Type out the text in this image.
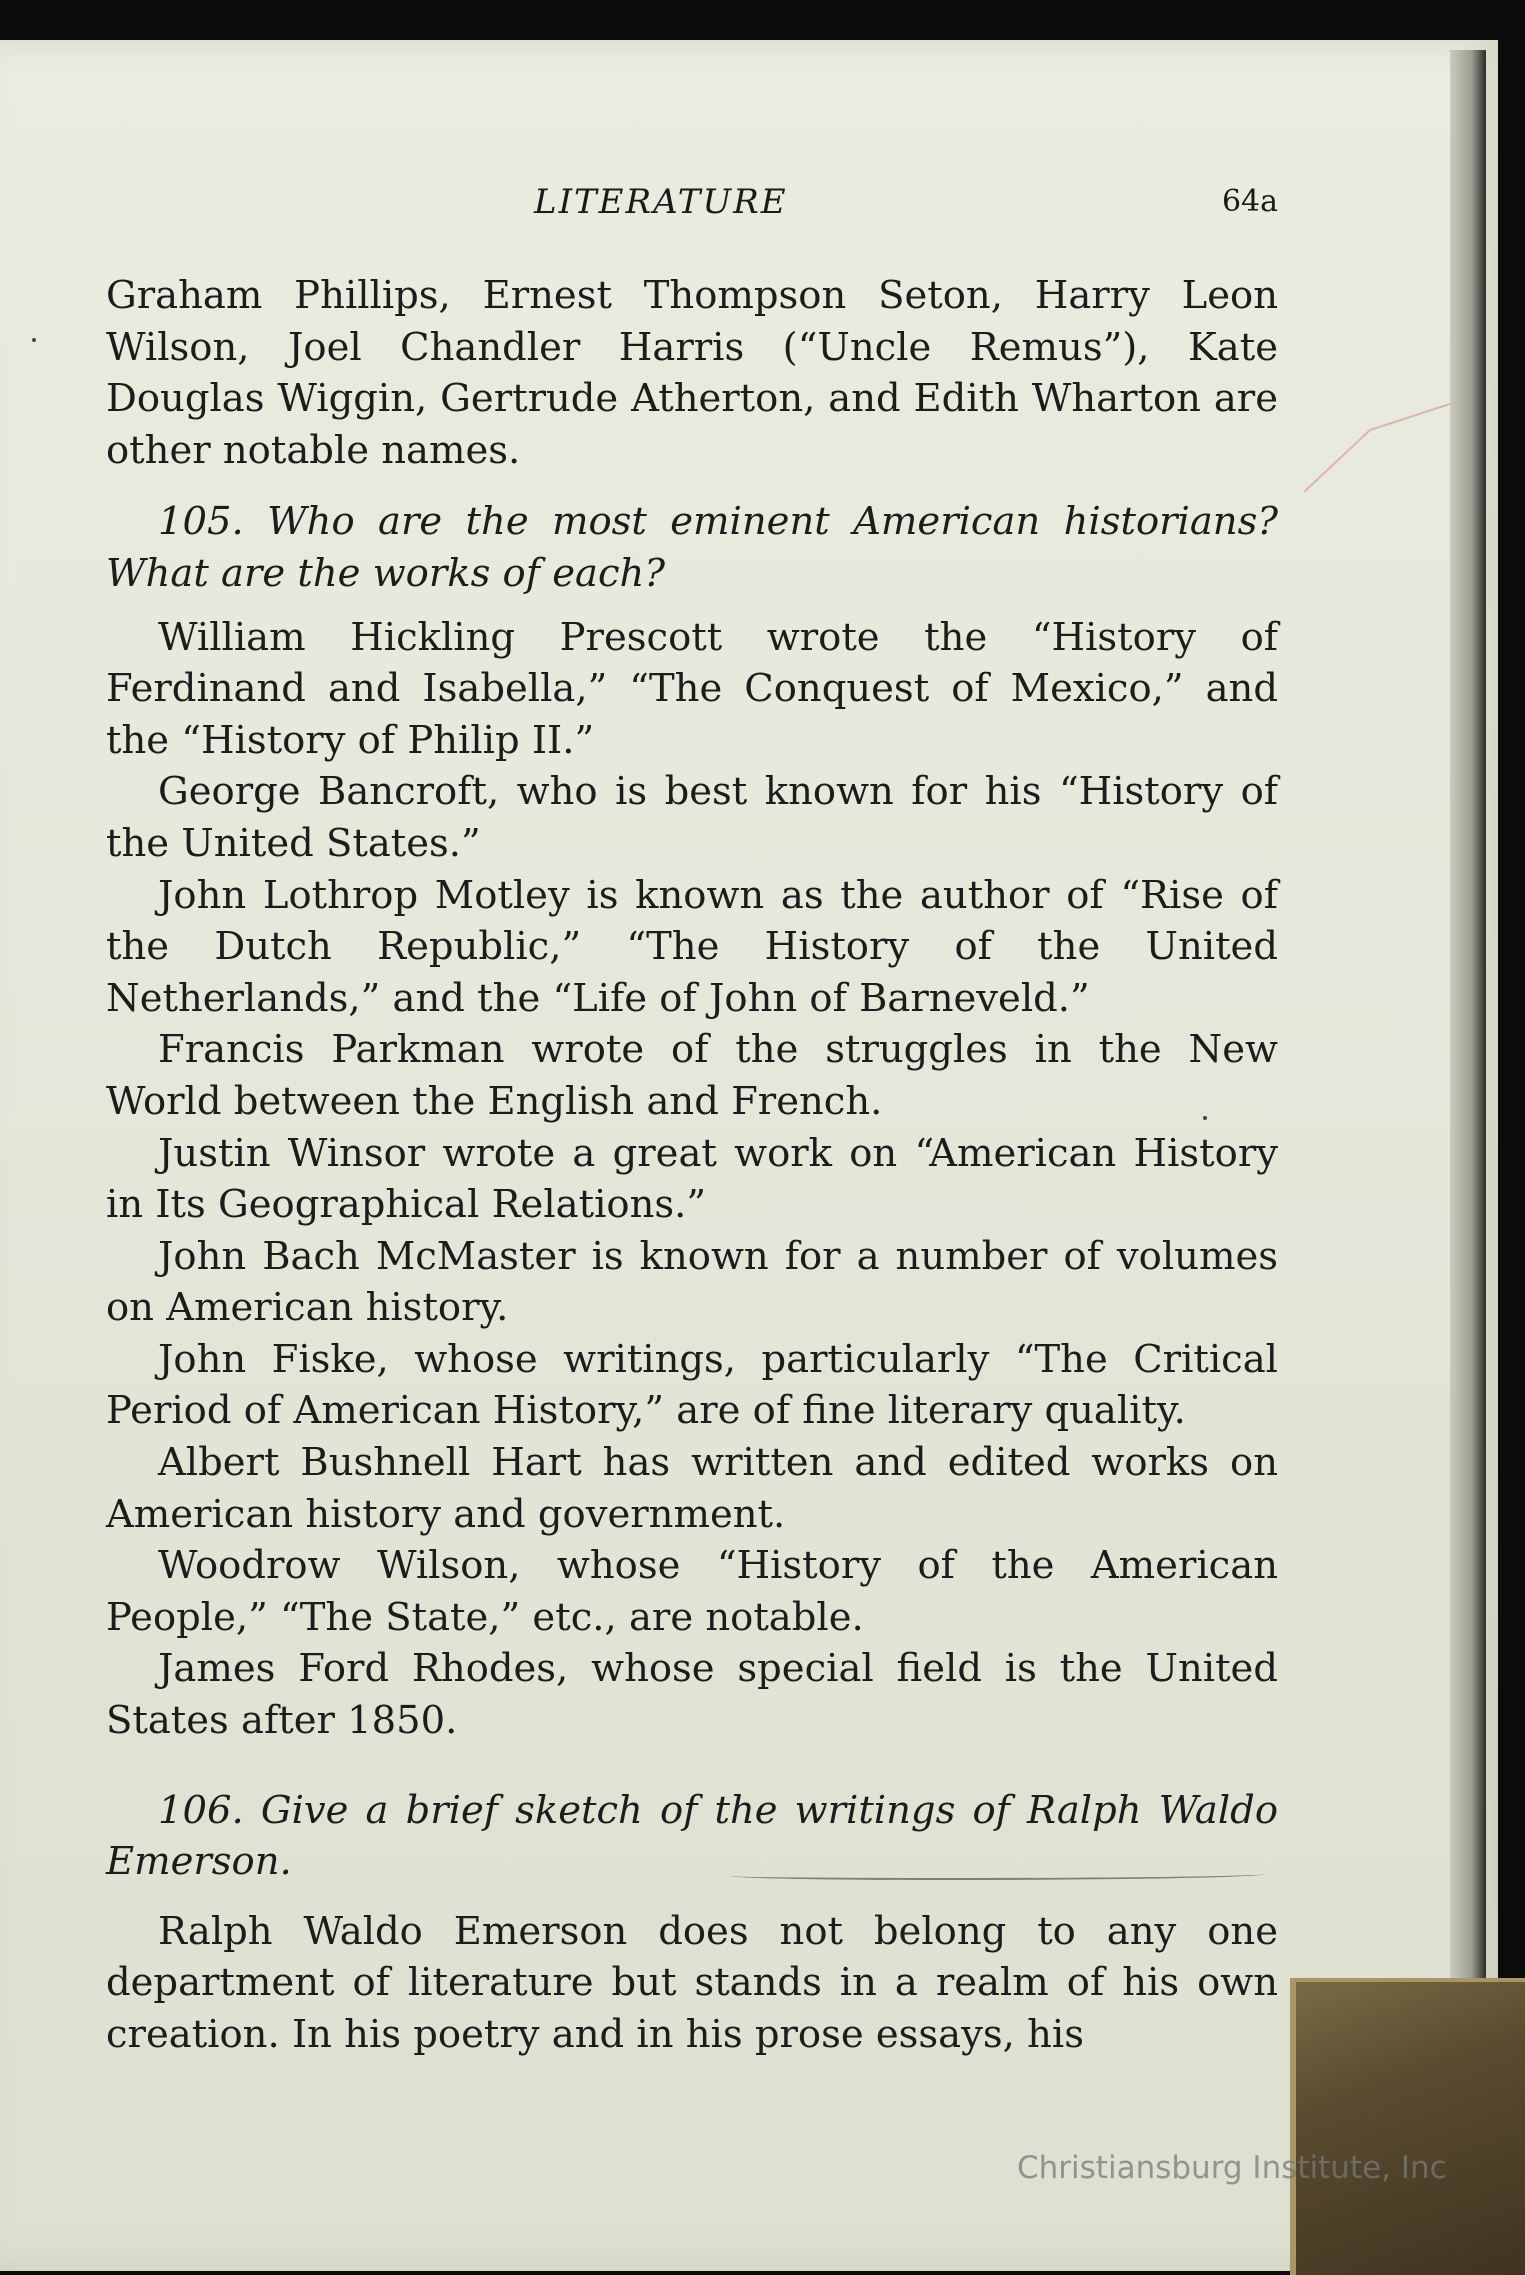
LITERATURE	64a

Graham Phillips, Ernest Thompson Seton, Harry Leon Wilson, Joel Chandler Harris (“Uncle Remus”), Kate Douglas Wiggin, Gertrude Atherton, and Edith Wharton are other notable names.

105. Who are the most eminent American historians? What are the works of each?

William Hickling Prescott wrote the “History of Ferdinand and Isabella,” “The Conquest of Mexico,” and the “History of Philip II.”

George Bancroft, who is best known for his “History of the United States.”

John Lothrop Motley is known as the author of “Rise of the Dutch Republic,” “The History of the United Netherlands,” and the “Life of John of Barneveld.”

Francis Parkman wrote of the struggles in the New World between the English and French.

Justin Winsor wrote a great work on “American History in Its Geographical Relations.”

John Bach McMaster is known for a number of volumes on American history.

John Fiske, whose writings, particularly “The Critical Period of American History,” are of fine literary quality.

Albert Bushnell Hart has written and edited works on American history and government.

Woodrow Wilson, whose “History of the American People,” “The State,” etc., are notable.

James Ford Rhodes, whose special field is the United States after 1850.

106. Give a brief sketch of the writings of Ralph Waldo Emerson.

Ralph Waldo Emerson does not belong to any one department of literature but stands in a realm of his own creation. In his poetry and in his prose essays, his

Christiansburg Institute, Inc
